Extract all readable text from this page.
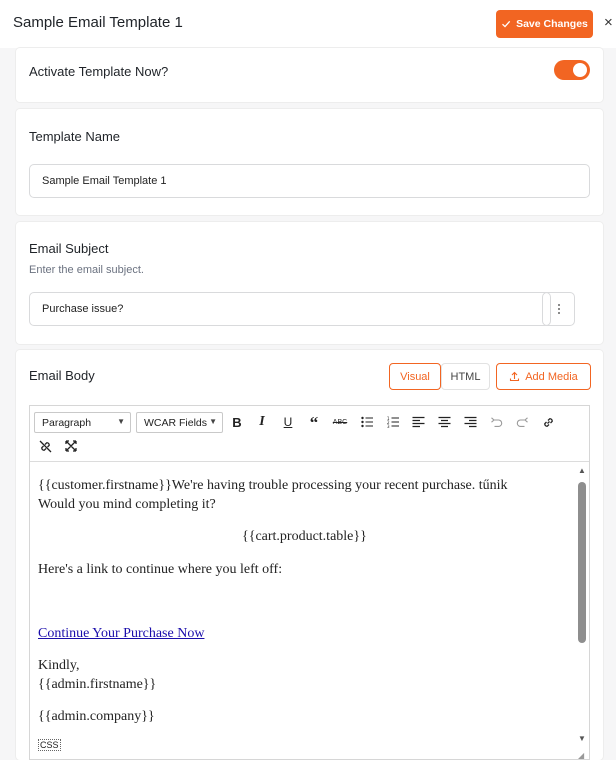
Sample Email Template 1	Save Changes ×
Activate Template Now?
Template Name
Sample Email Template 1
Email Subject
Enter the email subject.
Purchase issue?
Email Body	Visual	HTML	Add Media
Paragraph	▼ WCAR Fields ▼	B	I	U	“	ABC	1
2
3

{{customer.firstname}}We're having trouble processing your recent purchase. tűnik

Would you mind completing it?

{{cart.product.table}}

Here's a link to continue where you left off:

Continue Your Purchase Now

Kindly,

{{admin.firstname}}

{{admin.company}}

▲
▼
CSS
◢
